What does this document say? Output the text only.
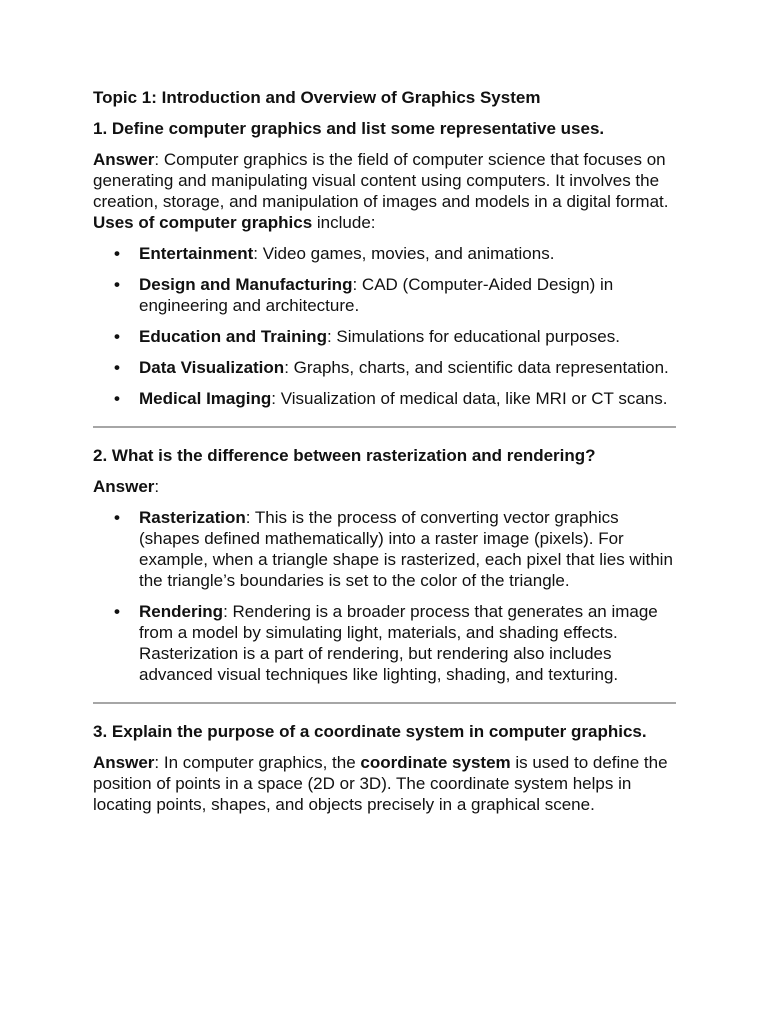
Topic 1: Introduction and Overview of Graphics System

1. Define computer graphics and list some representative uses.

Answer: Computer graphics is the field of computer science that focuses on generating and manipulating visual content using computers. It involves the creation, storage, and manipulation of images and models in a digital format. Uses of computer graphics include:

• Entertainment: Video games, movies, and animations.
• Design and Manufacturing: CAD (Computer-Aided Design) in engineering and architecture.
• Education and Training: Simulations for educational purposes.
• Data Visualization: Graphs, charts, and scientific data representation.
• Medical Imaging: Visualization of medical data, like MRI or CT scans.

2. What is the difference between rasterization and rendering?

Answer:

• Rasterization: This is the process of converting vector graphics (shapes defined mathematically) into a raster image (pixels). For example, when a triangle shape is rasterized, each pixel that lies within the triangle’s boundaries is set to the color of the triangle.
• Rendering: Rendering is a broader process that generates an image from a model by simulating light, materials, and shading effects. Rasterization is a part of rendering, but rendering also includes advanced visual techniques like lighting, shading, and texturing.

3. Explain the purpose of a coordinate system in computer graphics.

Answer: In computer graphics, the coordinate system is used to define the position of points in a space (2D or 3D). The coordinate system helps in locating points, shapes, and objects precisely in a graphical scene.
